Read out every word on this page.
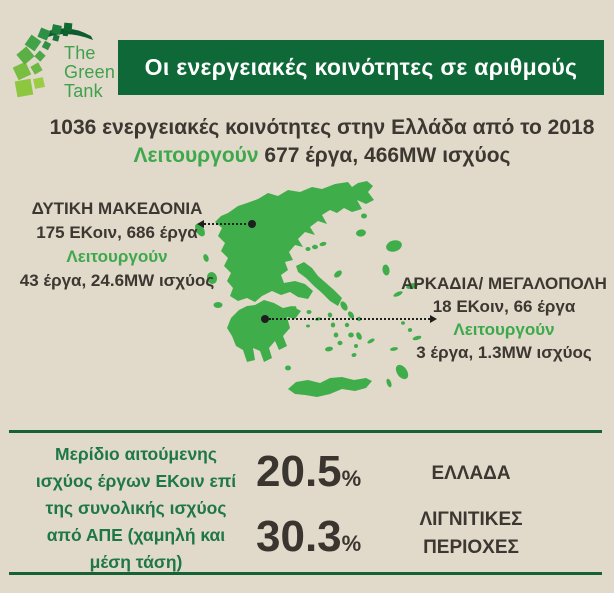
The
Green
Tank
Οι ενεργειακές κοινότητες σε αριθμούς
1036 ενεργειακές κοινότητες στην Ελλάδα από το 2018
Λειτουργούν 677 έργα, 466MW ισχύος
ΔΥΤΙΚΗ ΜΑΚΕΔΟΝΙΑ
175 ΕΚοιν, 686 έργα
Λειτουργούν
43 έργα, 24.6MW ισχύος	ΑΡΚΑΔΙΑ/ ΜΕΓΑΛΟΠΟΛΗ
18 ΕΚοιν, 66 έργα
Λειτουργούν
3 έργα, 1.3MW ισχύος
Μερίδιο αιτούμενης
ισχύος έργων ΕΚοιν επί
της συνολικής ισχύος
από ΑΠΕ (χαμηλή και
μέση τάση)
20.5%
30.3%
ΕΛΛΑΔΑ
ΛΙΓΝΙΤΙΚΕΣ
ΠΕΡΙΟΧΕΣ
